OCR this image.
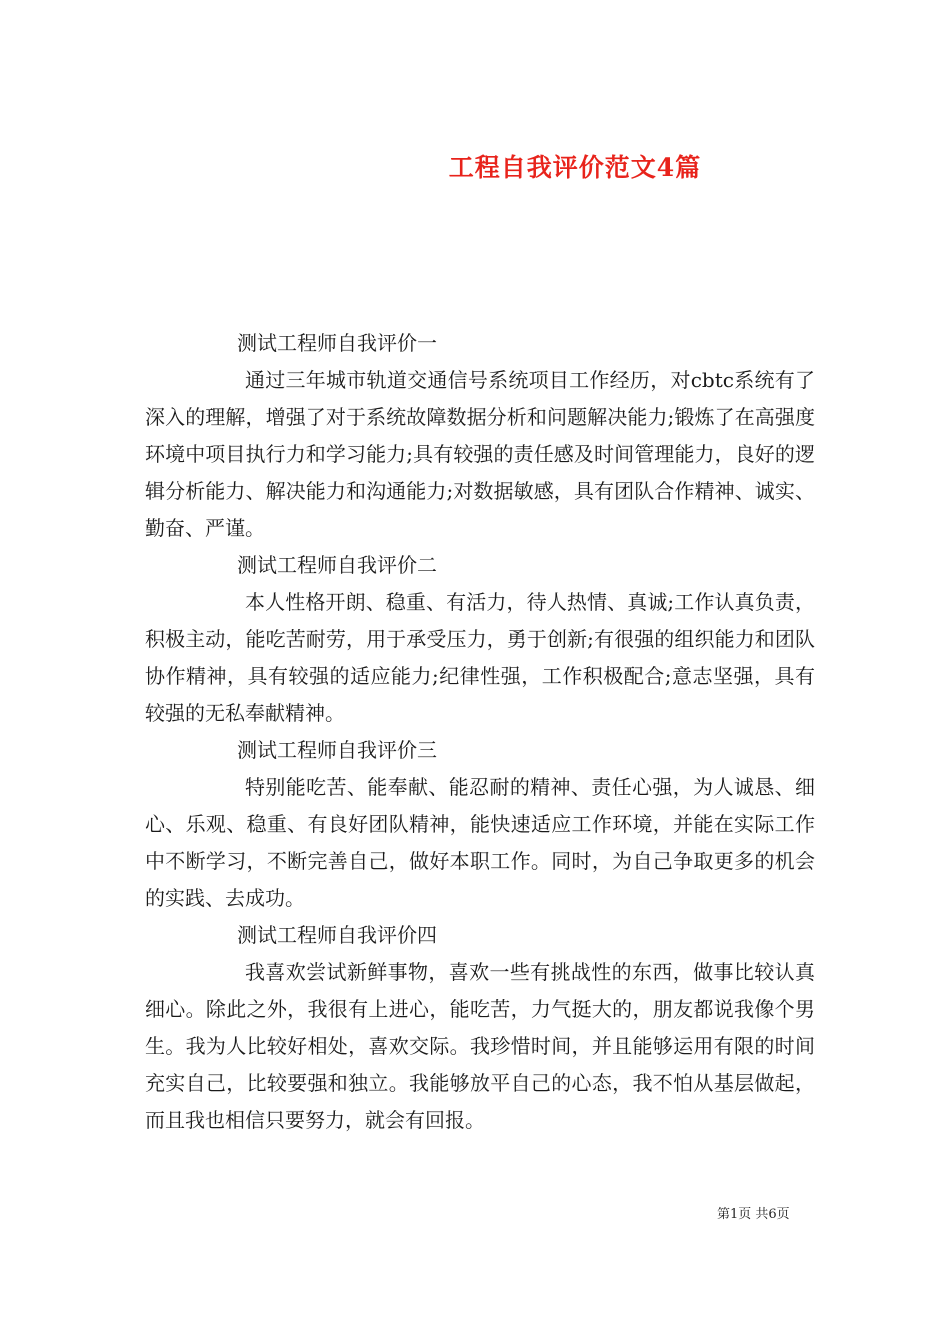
工程自我评价范文4篇

测试工程师自我评价一

通过三年城市轨道交通信号系统项目工作经历，对cbtc系统有了深入的理解，增强了对于系统故障数据分析和问题解决能力;锻炼了在高强度环境中项目执行力和学习能力;具有较强的责任感及时间管理能力，良好的逻辑分析能力、解决能力和沟通能力;对数据敏感，具有团队合作精神、诚实、勤奋、严谨。

测试工程师自我评价二

本人性格开朗、稳重、有活力，待人热情、真诚;工作认真负责，积极主动，能吃苦耐劳，用于承受压力，勇于创新;有很强的组织能力和团队协作精神，具有较强的适应能力;纪律性强，工作积极配合;意志坚强，具有较强的无私奉献精神。

测试工程师自我评价三

特别能吃苦、能奉献、能忍耐的精神、责任心强，为人诚恳、细心、乐观、稳重、有良好团队精神，能快速适应工作环境，并能在实际工作中不断学习，不断完善自己，做好本职工作。同时，为自己争取更多的机会的实践、去成功。

测试工程师自我评价四

我喜欢尝试新鲜事物，喜欢一些有挑战性的东西，做事比较认真细心。除此之外，我很有上进心，能吃苦，力气挺大的，朋友都说我像个男生。我为人比较好相处，喜欢交际。我珍惜时间，并且能够运用有限的时间充实自己，比较要强和独立。我能够放平自己的心态，我不怕从基层做起，而且我也相信只要努力，就会有回报。

第1页 共6页
